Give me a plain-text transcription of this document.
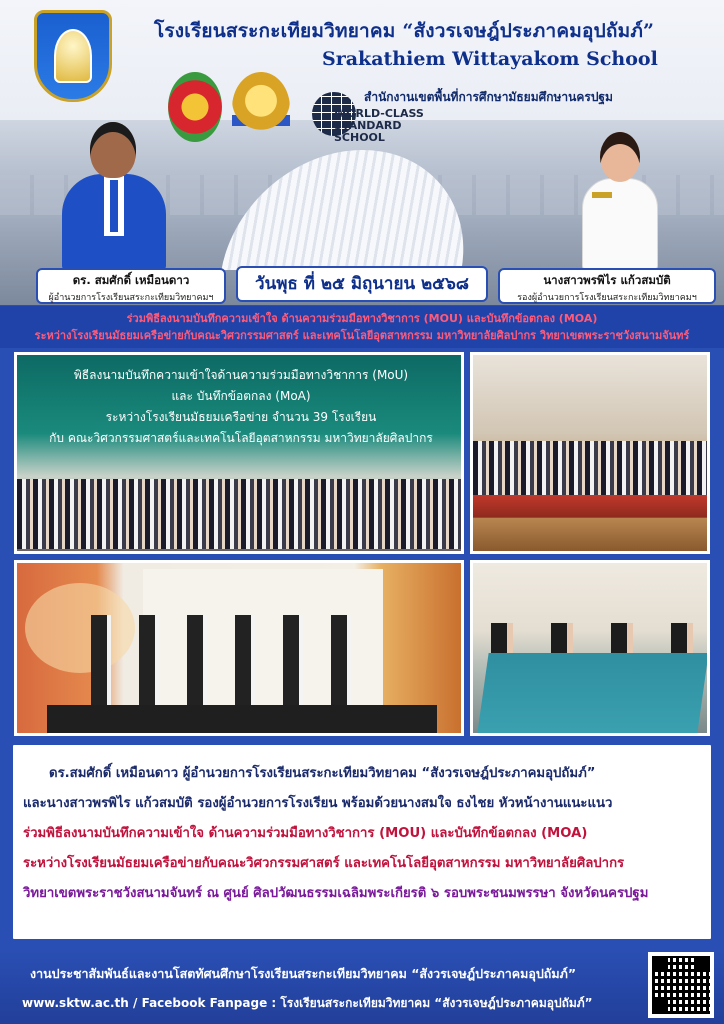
โรงเรียนสระกะเทียมวิทยาคม “สังวรเจษฎ์ประภาคมอุปถัมภ์”
Srakathiem Wittayakom School
WORLD-CLASS
STANDARD SCHOOL
สำนักงานเขตพื้นที่การศึกษามัธยมศึกษานครปฐม
ดร. สมศักดิ์ เหมือนดาว
ผู้อำนวยการโรงเรียนสระกะเทียมวิทยาคมฯ
วันพุธ ที่ ๒๕ มิถุนายน ๒๕๖๘	นางสาวพรพิไร แก้วสมบัติ
รองผู้อำนวยการโรงเรียนสระกะเทียมวิทยาคมฯ
ร่วมพิธีลงนามบันทึกความเข้าใจ ด้านความร่วมมือทางวิชาการ (MOU) และบันทึกข้อตกลง (MOA)
ระหว่างโรงเรียนมัธยมเครือข่ายกับคณะวิศวกรรมศาสตร์ และเทคโนโลยีอุตสาหกรรม มหาวิทยาลัยศิลปากร วิทยาเขตพระราชวังสนามจันทร์
พิธีลงนามบันทึกความเข้าใจด้านความร่วมมือทางวิชาการ (MoU)
และ บันทึกข้อตกลง (MoA)
ระหว่างโรงเรียนมัธยมเครือข่าย จำนวน 39 โรงเรียน
กับ คณะวิศวกรรมศาสตร์และเทคโนโลยีอุตสาหกรรม มหาวิทยาลัยศิลปากร
ดร.สมศักดิ์ เหมือนดาว ผู้อำนวยการโรงเรียนสระกะเทียมวิทยาคม “สังวรเจษฎ์ประภาคมอุปถัมภ์”
และนางสาวพรพิไร แก้วสมบัติ รองผู้อำนวยการโรงเรียน พร้อมด้วยนางสมใจ ธงไชย หัวหน้างานแนะแนว
ร่วมพิธีลงนามบันทึกความเข้าใจ ด้านความร่วมมือทางวิชาการ (MOU) และบันทึกข้อตกลง (MOA)
ระหว่างโรงเรียนมัธยมเครือข่ายกับคณะวิศวกรรมศาสตร์ และเทคโนโลยีอุตสาหกรรม มหาวิทยาลัยศิลปากร
วิทยาเขตพระราชวังสนามจันทร์ ณ ศูนย์ ศิลปวัฒนธรรมเฉลิมพระเกียรติ ๖ รอบพระชนมพรรษา จังหวัดนครปฐม
งานประชาสัมพันธ์และงานโสตทัศนศึกษาโรงเรียนสระกะเทียมวิทยาคม “สังวรเจษฎ์ประภาคมอุปถัมภ์”
www.sktw.ac.th / Facebook Fanpage : โรงเรียนสระกะเทียมวิทยาคม “สังวรเจษฎ์ประภาคมอุปถัมภ์”
